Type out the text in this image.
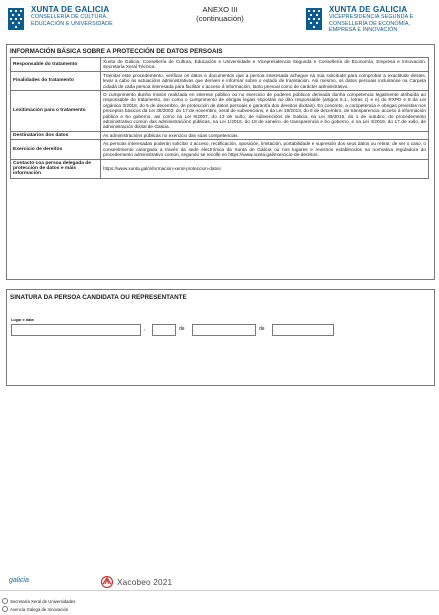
XUNTA DE GALICIA
CONSELLERÍA DE CULTURA,
EDUCACIÓN E UNIVERSIDADE
ANEXO III
(continuación)
XUNTA DE GALICIA
VICEPRESIDENCIA SEGUNDA E
CONSELLERÍA DE ECONOMÍA,
EMPRESA E INNOVACIÓN
INFORMACIÓN BÁSICA SOBRE A PROTECCIÓN DE DATOS PERSOAIS
Responsable do tratamento	Xunta de Galicia. Consellería de Cultura, Educación e Universidade e Vicepresidencia Segunda e Consellería de Economía, Empresa e Innovación. Secretaría Xeral Técnica.
Finalidades do tratamento	Tramitar este procedemento, verificar os datos e documentos que a persoa interesada achegue na súa solicitude para comprobar a exactitude destes, levar a cabo as actuacións administrativas que deriven e informar sobre o estado de tramitación. Así mesmo, os datos persoais incluiranse na Carpeta cidadá de cada persoa interesada para facilitar o acceso á información, tanto persoal como de carácter administrativo.
Lexitimación para o tratamento	O cumprimento dunha misión realizada en interese público ou no exercicio de poderes públicos derivada dunha competencia legalmente atribuída ao responsable do tratamento, así como o cumprimento de obrigas legais impostas ao dito responsable (artigos 6.1., letras c) e e) do RXPD e 8 da Lei orgánica 3/2018, do 5 de decembro, de protección de datos persoais e garantía dos dereitos dixitais). En concreto, a competencia e obrigas previstas nos preceptos básicos da Lei 38/2003, do 17 de novembro, xeral de subvencións, e da Lei 19/2013, do 9 de decembro, de transparencia, acceso á información pública e bo goberno, así como na Lei 9/2007, do 13 de xuño, de subvencións de Galicia, na Lei 39/2015, do 1 de outubro, do procedemento administrativo común das administracións públicas, na Lei 1/2016, do 18 de xaneiro, de transparencia e bo goberno, e na Lei 4/2019, do 17 de xullo, de administración dixital de Galicia.
Destinatarios dos datos	As administracións públicas no exercicio das súas competencias.
Exercicio de dereitos	As persoas interesadas poderán solicitar o acceso, rectificación, oposición, limitación, portabilidade e supresión dos seus datos ou retirar, de ser o caso, o consentimento outorgado a través da sede electrónica da Xunta de Galicia ou nos lugares e rexistros establecidos na normativa reguladora do procedemento administrativo común, segundo se recolle en https://www.xunta.gal/exercicio-de-dereitos.
Contacto coa persoa delegada de protección de datos e máis información	https://www.xunta.gal/informacion-xeral-proteccion-datos
SINATURA DA PERSOA CANDIDATA OU REPRESENTANTE
Lugar e data
,	de	de
galicia	Xacobeo 2021
Secretaría Xeral de Universidades
Axencia Galega de Innovación
